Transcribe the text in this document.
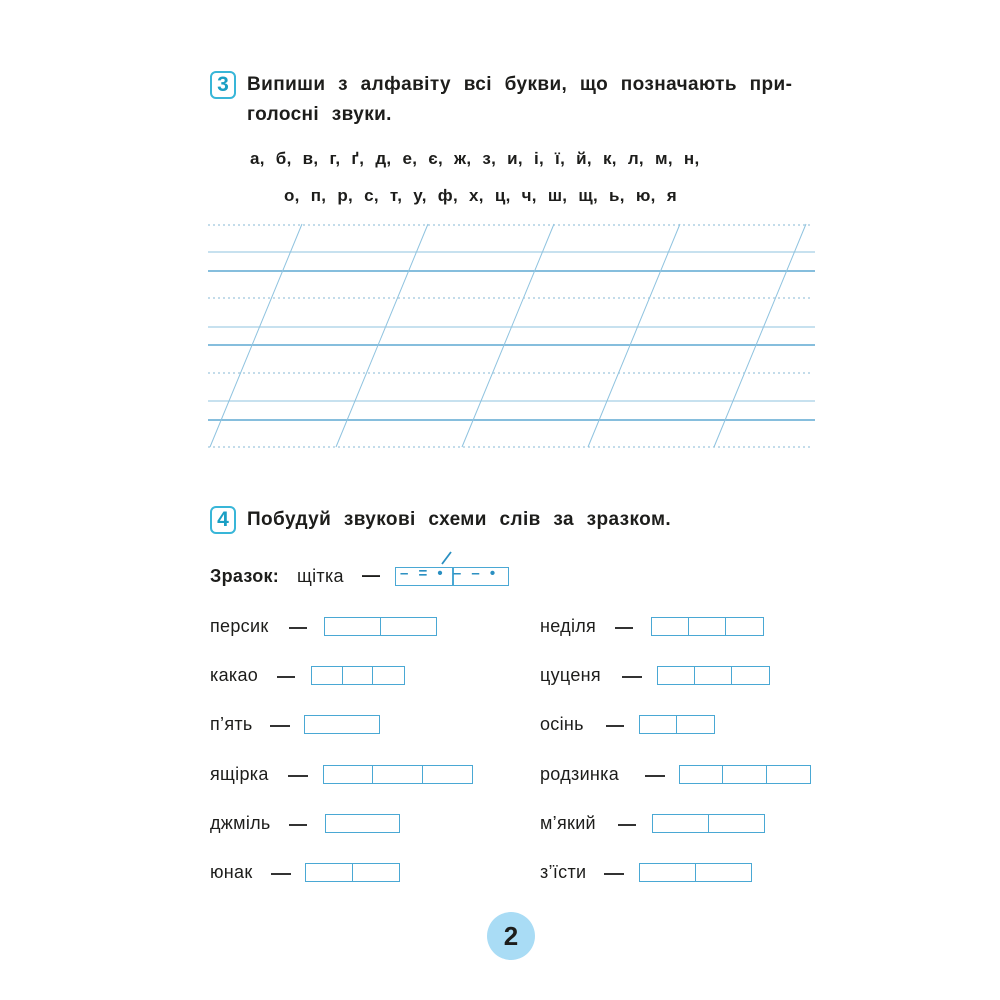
3 Випиши з алфавіту всі букви, що позначають при-
голосні звуки.
а, б, в, г, ґ, д, е, є, ж, з, и, і, ї, й, к, л, м, н,
о, п, р, с, т, у, ф, х, ц, ч, ш, щ, ь, ю, я
4 Побудуй звукові схеми слів за зразком.
Зразок: щітка — – = • – – •
персик
какао
п’ять
ящірка
джміль
юнак
неділя
цуценя
осінь
родзинка
м’який
з’їсти
2
